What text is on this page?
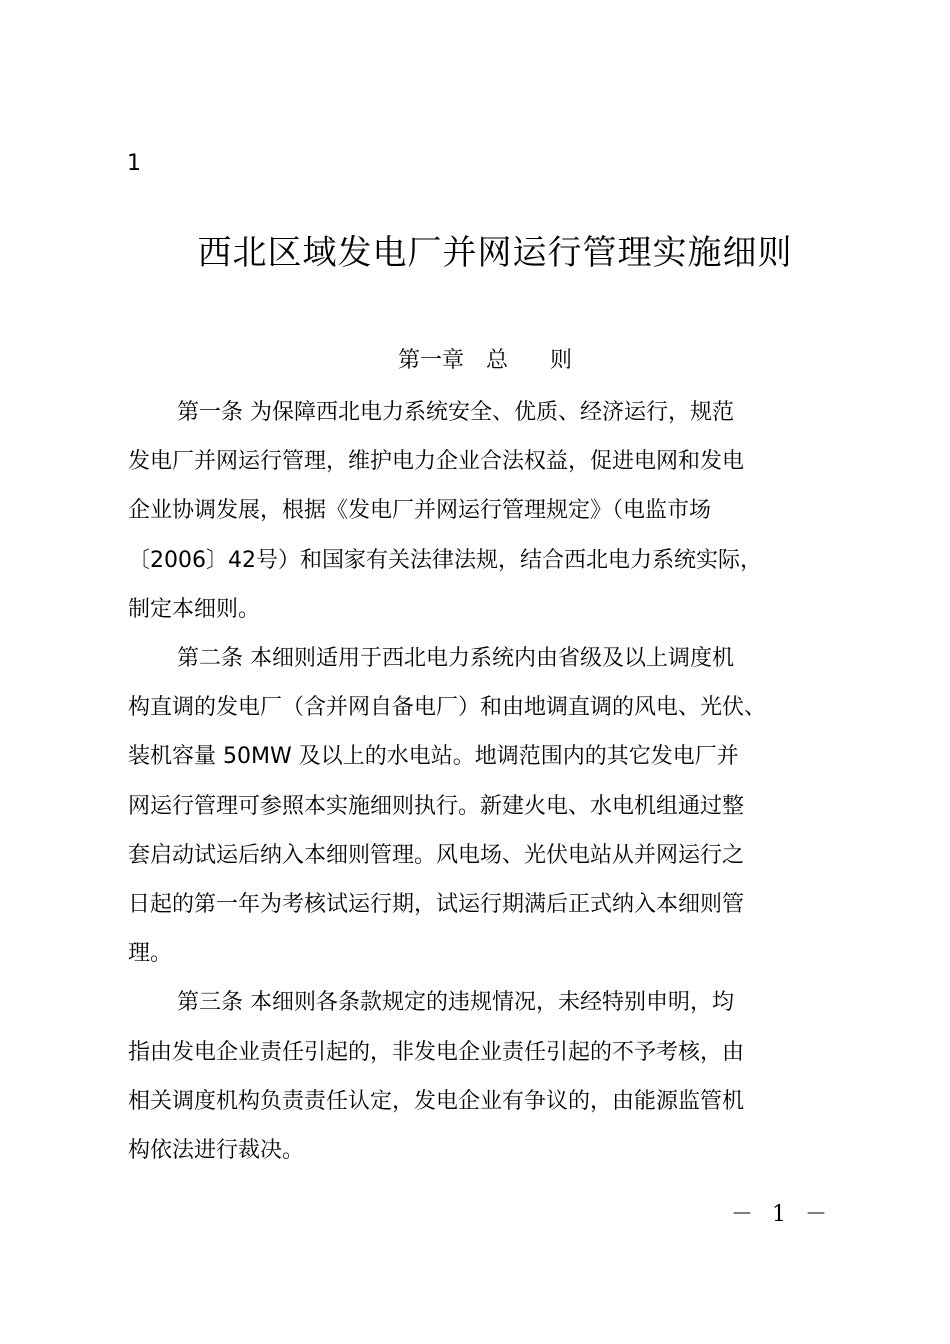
1
西北区域发电厂并网运行管理实施细则
第一章 总 则
第一条 为保障西北电力系统安全、优质、经济运行，规范
发电厂并网运行管理，维护电力企业合法权益，促进电网和发电
企业协调发展，根据《发电厂并网运行管理规定》（电监市场
〔2006〕42号）和国家有关法律法规，结合西北电力系统实际，
制定本细则。
第二条 本细则适用于西北电力系统内由省级及以上调度机
构直调的发电厂（含并网自备电厂）和由地调直调的风电、光伏、
装机容量 50MW 及以上的水电站。地调范围内的其它发电厂并
网运行管理可参照本实施细则执行。新建火电、水电机组通过整
套启动试运后纳入本细则管理。风电场、光伏电站从并网运行之
日起的第一年为考核试运行期，试运行期满后正式纳入本细则管
理。
第三条 本细则各条款规定的违规情况，未经特别申明，均
指由发电企业责任引起的，非发电企业责任引起的不予考核，由
相关调度机构负责责任认定，发电企业有争议的，由能源监管机
构依法进行裁决。
－ 1 －
